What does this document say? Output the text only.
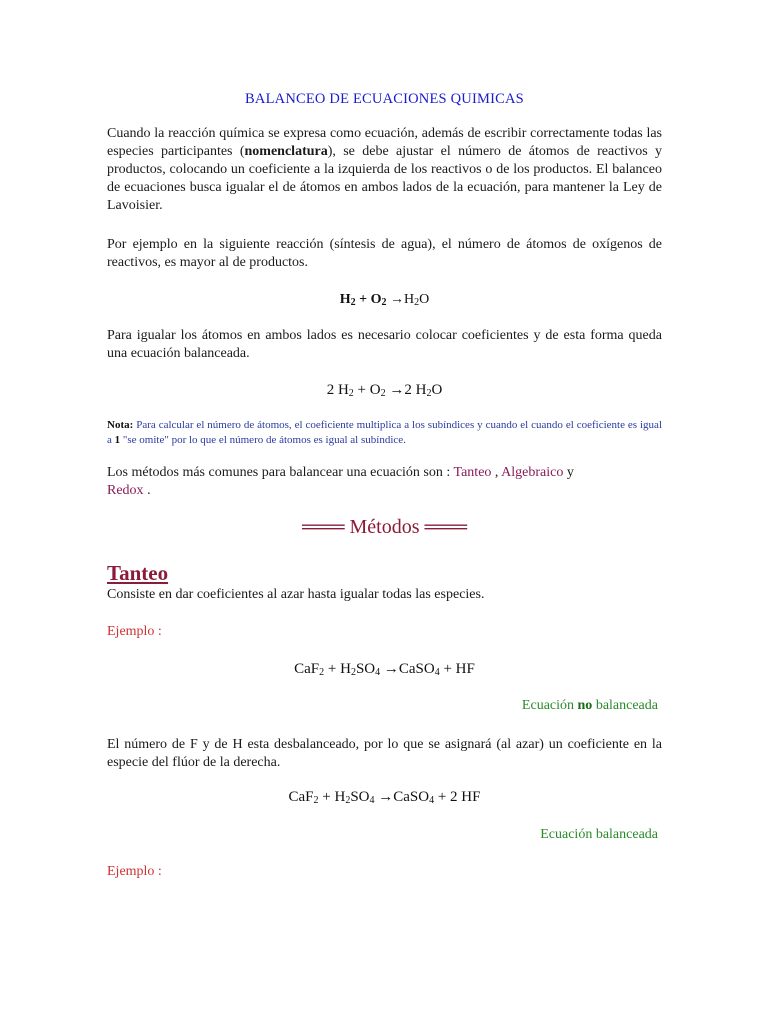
BALANCEO DE ECUACIONES QUIMICAS
Cuando la reacción química se expresa como ecuación, además de escribir correctamente todas las especies participantes (nomenclatura), se debe ajustar el número de átomos de reactivos y productos, colocando un coeficiente a la izquierda de los reactivos o de los productos. El balanceo de ecuaciones busca igualar el de átomos en ambos lados de la ecuación, para mantener la Ley de Lavoisier.
Por ejemplo en la siguiente reacción (síntesis de agua), el número de átomos de oxígenos de reactivos, es mayor al de productos.
$H_2 + O_2 \to H_2O$
Para igualar los átomos en ambos lados es necesario colocar coeficientes y de esta forma queda una ecuación balanceada.
2 $H_2 + O_2 \to 2$ $H_2O$
Nota: Para calcular el número de átomos, el coeficiente multiplica a los subíndices y cuando el cuando el coeficiente es igual a 1 "se omite" por lo que el número de átomos es igual al subíndice.
Los métodos más comunes para balancear una ecuación son : Tanteo , Algebraico y
Redox .
═══ Métodos ═══
Tanteo
Consiste en dar coeficientes al azar hasta igualar todas las especies.
Ejemplo :
$CaF_2 + H_2SO_4$ →CaSO$_4$ + HF
Ecuación no balanceada
El número de F y de H esta desbalanceado, por lo que se asignará (al azar) un coeficiente en la especie del flúor de la derecha.
$CaF_2 + H_2SO_4$ →CaSO$_4$ + 2 HF
Ecuación balanceada
Ejemplo :
